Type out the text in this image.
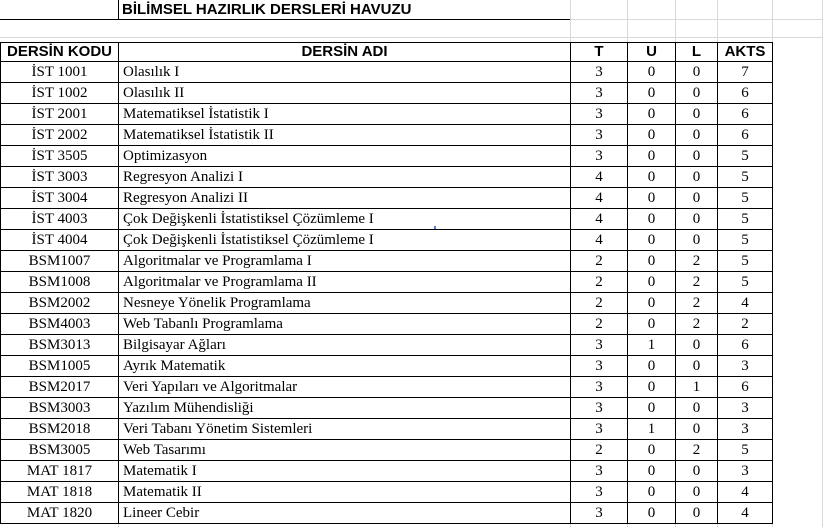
BİLİMSEL HAZIRLIK DERSLERİ HAVUZU
DERSİN KODU	DERSİN ADI	T	U	L	AKTS
İST 1001	Olasılık I	3	0	0	7
İST 1002	Olasılık II	3	0	0	6
İST 2001	Matematiksel İstatistik I	3	0	0	6
İST 2002	Matematiksel İstatistik II	3	0	0	6
İST 3505	Optimizasyon	3	0	0	5
İST 3003	Regresyon Analizi I	4	0	0	5
İST 3004	Regresyon Analizi II	4	0	0	5
İST 4003	Çok Değişkenli İstatistiksel Çözümleme I	4	0	0	5
İST 4004	Çok Değişkenli İstatistiksel Çözümleme I	4	0	0	5
BSM1007	Algoritmalar ve Programlama I	2	0	2	5
BSM1008	Algoritmalar ve Programlama II	2	0	2	5
BSM2002	Nesneye Yönelik Programlama	2	0	2	4
BSM4003	Web Tabanlı Programlama	2	0	2	2
BSM3013	Bilgisayar Ağları	3	1	0	6
BSM1005	Ayrık Matematik	3	0	0	3
BSM2017	Veri Yapıları ve Algoritmalar	3	0	1	6
BSM3003	Yazılım Mühendisliği	3	0	0	3
BSM2018	Veri Tabanı Yönetim Sistemleri	3	1	0	3
BSM3005	Web Tasarımı	2	0	2	5
MAT 1817	Matematik I	3	0	0	3
MAT 1818	Matematik II	3	0	0	4
MAT 1820	Lineer Cebir	3	0	0	4
